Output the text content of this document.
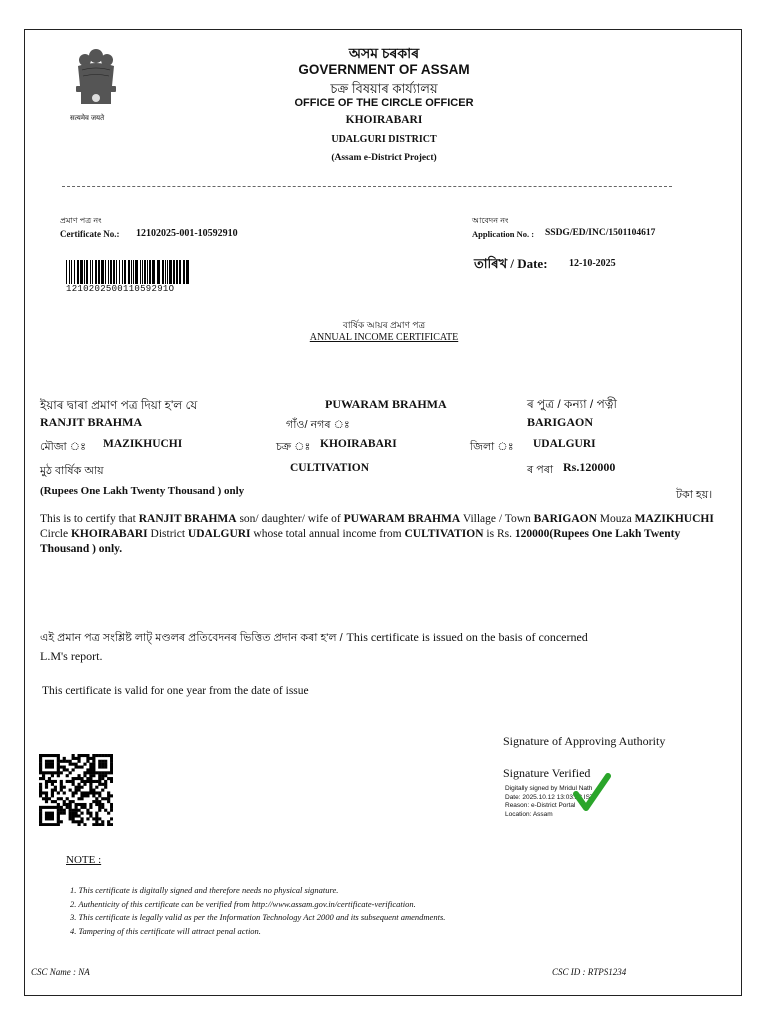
सत्यमेव जयते
অসম চৰকাৰ
GOVERNMENT OF ASSAM
চক্ৰ বিষয়াৰ কাৰ্য্যালয়
OFFICE OF THE CIRCLE OFFICER
KHOIRABARI
UDALGURI DISTRICT
(Assam e-District Project)
প্ৰমাণ পত্ৰ নং
Certificate No.: 12102025-001-10592910
আবেদন নং
Application No. : SSDG/ED/INC/1501104617
121020250011059291O
তাৰিখ / Date: 12-10-2025
বাৰ্ষিক আয়ৰ প্ৰমাণ পত্ৰ
ANNUAL INCOME CERTIFICATE
ইয়াৰ দ্বাৰা প্ৰমাণ পত্ৰ দিয়া হ'ল যে	PUWARAM BRAHMA	ৰ পুত্ৰ / কন্যা / পত্নী
RANJIT BRAHMA	গাঁও/ নগৰ ঃ	BARIGAON
মৌজা ঃ MAZIKHUCHI	চক্ৰ ঃ KHOIRABARI	জিলা ঃ UDALGURI
মুঠ বাৰ্ষিক আয়	CULTIVATION	ৰ পৰা Rs.120000
(Rupees One Lakh Twenty Thousand ) only	টকা হয়।
This is to certify that RANJIT BRAHMA son/ daughter/ wife of PUWARAM BRAHMA Village / Town BARIGAON Mouza MAZIKHUCHI Circle KHOIRABARI District UDALGURI whose total annual income from CULTIVATION is Rs. 120000(Rupees One Lakh Twenty Thousand ) only.
এই প্ৰমান পত্ৰ সংশ্লিষ্ট লাট্ মণ্ডলৰ প্ৰতিবেদনৰ ভিত্তিত প্ৰদান কৰা হ'ল / This certificate is issued on the basis of concerned
L.M's report.
This certificate is valid for one year from the date of issue
Signature of Approving Authority
Signature Verified
Digitally signed by Mridul Nath
Date: 2025.10.12 13:03:23 IST
Reason: e-District Portal
Location: Assam
NOTE :
1. This certificate is digitally signed and therefore needs no physical signature.
2. Authenticity of this certificate can be verified from http://www.assam.gov.in/certificate-verification.
3. This certificate is legally valid as per the Information Technology Act 2000 and its subsequent amendments.
4. Tampering of this certificate will attract penal action.
CSC Name : NA	CSC ID : RTPS1234
